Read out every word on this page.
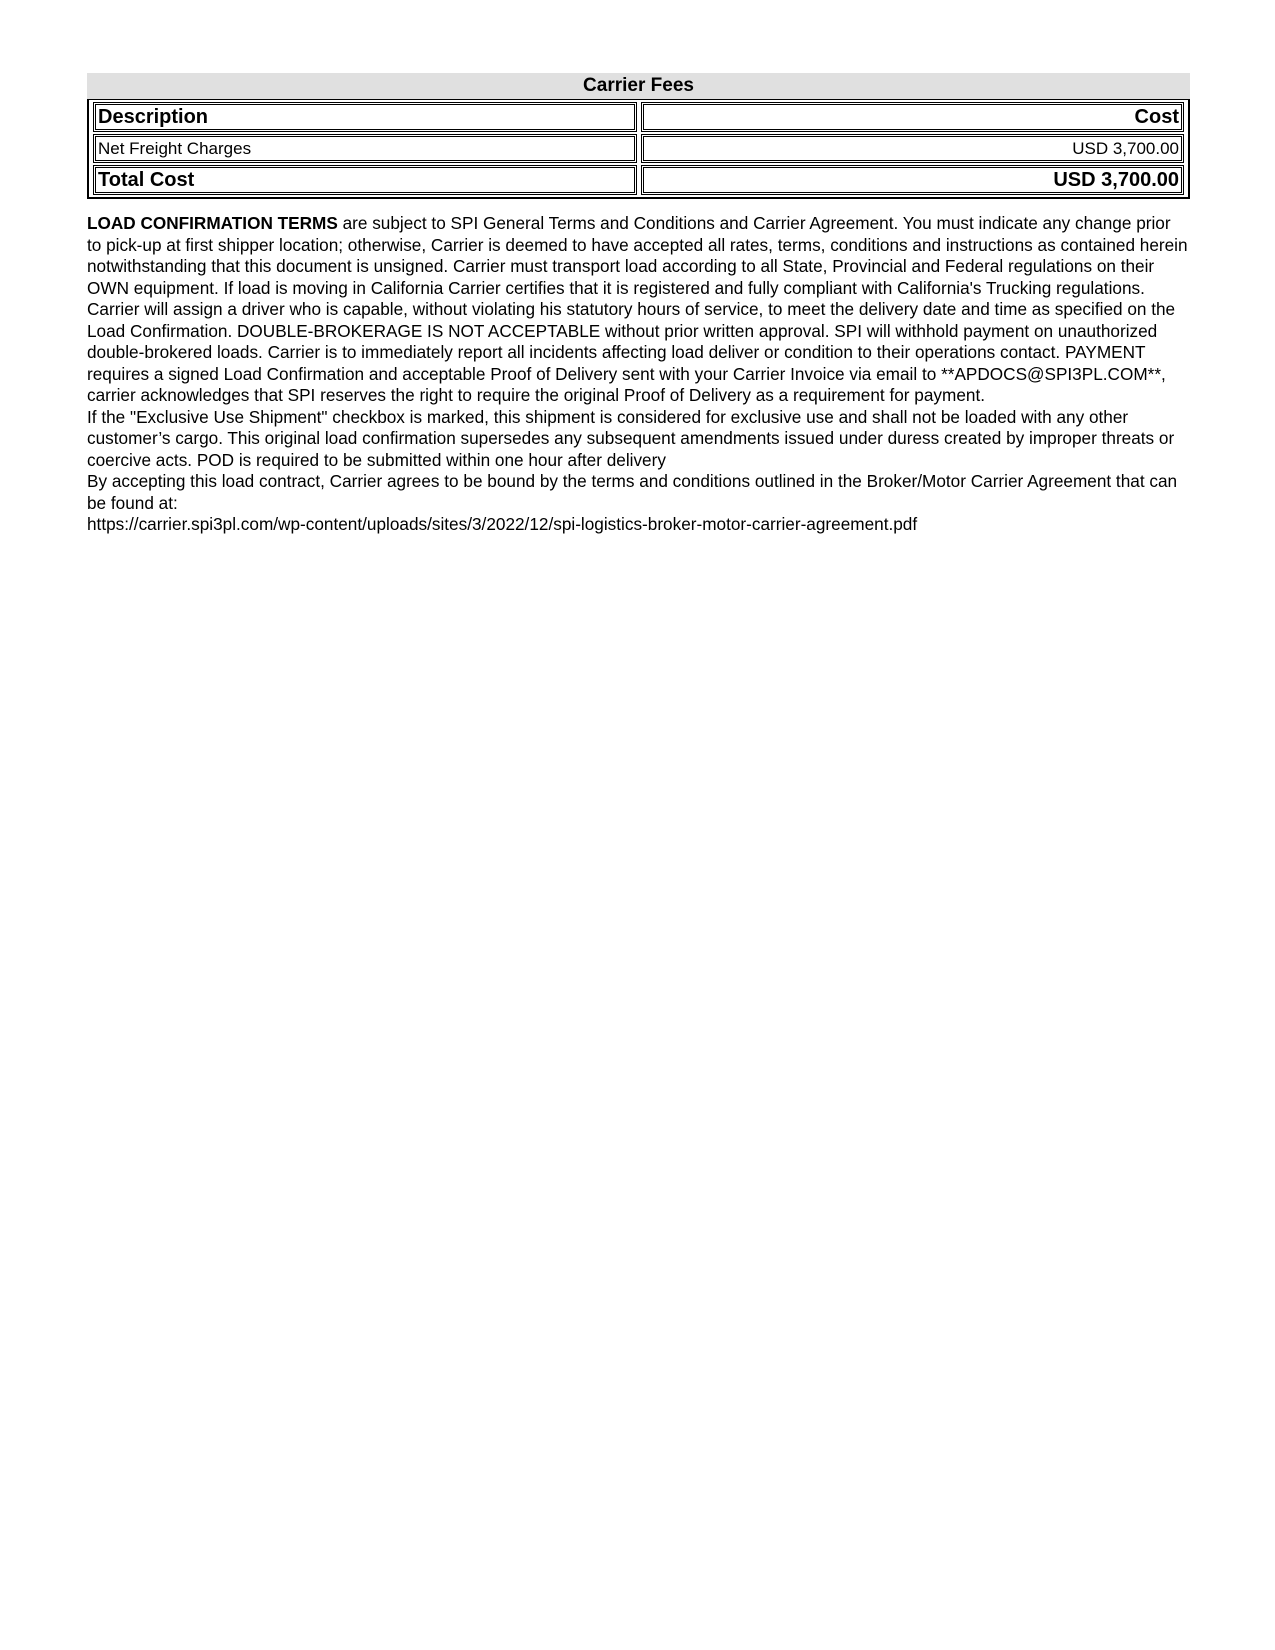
Carrier Fees
Description	Cost
Net Freight Charges	USD 3,700.00
Total Cost	USD 3,700.00

LOAD CONFIRMATION TERMS are subject to SPI General Terms and Conditions and Carrier Agreement. You must indicate any change prior to pick-up at first shipper location; otherwise, Carrier is deemed to have accepted all rates, terms, conditions and instructions as contained herein notwithstanding that this document is unsigned. Carrier must transport load according to all State, Provincial and Federal regulations on their OWN equipment. If load is moving in California Carrier certifies that it is registered and fully compliant with California's Trucking regulations. Carrier will assign a driver who is capable, without violating his statutory hours of service, to meet the delivery date and time as specified on the Load Confirmation. DOUBLE-BROKERAGE IS NOT ACCEPTABLE without prior written approval. SPI will withhold payment on unauthorized double-brokered loads. Carrier is to immediately report all incidents affecting load deliver or condition to their operations contact. PAYMENT requires a signed Load Confirmation and acceptable Proof of Delivery sent with your Carrier Invoice via email to **APDOCS@SPI3PL.COM**, carrier acknowledges that SPI reserves the right to require the original Proof of Delivery as a requirement for payment.

If the "Exclusive Use Shipment" checkbox is marked, this shipment is considered for exclusive use and shall not be loaded with any other customer’s cargo. This original load confirmation supersedes any subsequent amendments issued under duress created by improper threats or coercive acts. POD is required to be submitted within one hour after delivery

By accepting this load contract, Carrier agrees to be bound by the terms and conditions outlined in the Broker/Motor Carrier Agreement that can be found at:

https://carrier.spi3pl.com/wp-content/uploads/sites/3/2022/12/spi-logistics-broker-motor-carrier-agreement.pdf
